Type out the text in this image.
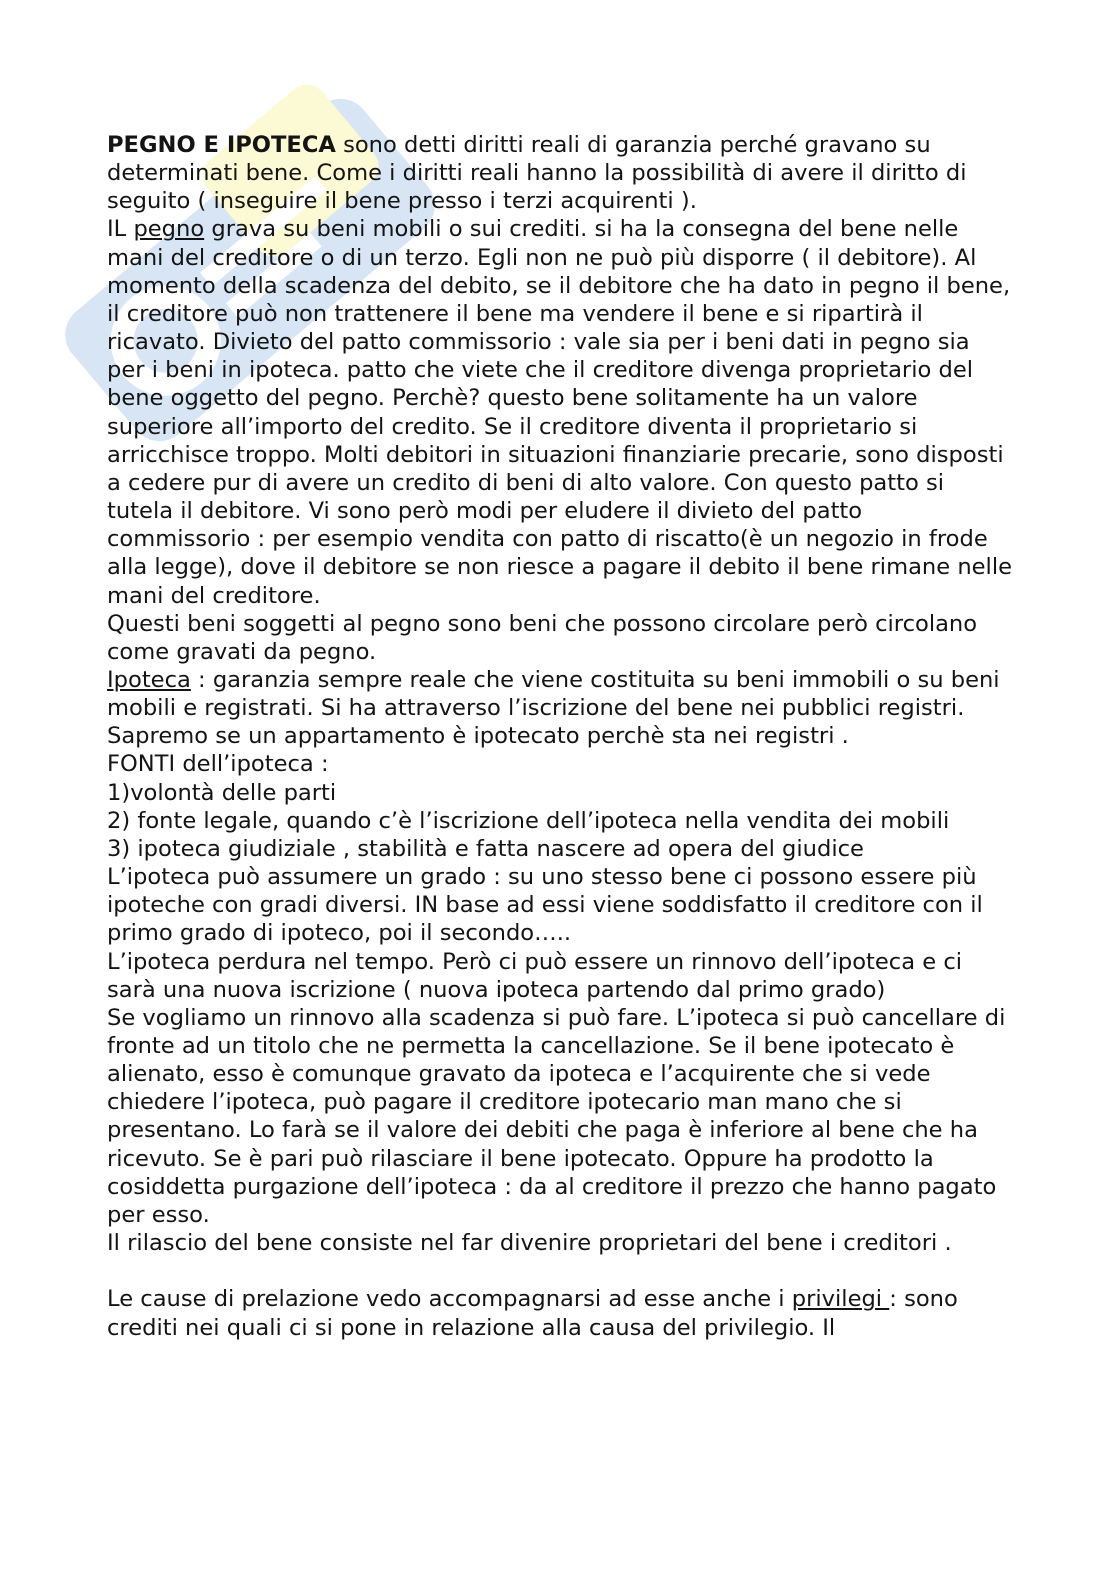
PEGNO E IPOTECA sono detti diritti reali di garanzia perché gravano su determinati bene. Come i diritti reali hanno la possibilità di avere il diritto di seguito ( inseguire il bene presso i terzi acquirenti ).
IL pegno grava su beni mobili o sui crediti. si ha la consegna del bene nelle mani del creditore o di un terzo. Egli non ne può più disporre ( il debitore). Al momento della scadenza del debito, se il debitore che ha dato in pegno il bene, il creditore può non trattenere il bene ma vendere il bene e si ripartirà il ricavato. Divieto del patto commissorio : vale sia per i beni dati in pegno sia per i beni in ipoteca. patto che viete che il creditore divenga proprietario del bene oggetto del pegno. Perchè? questo bene solitamente ha un valore superiore all’importo del credito. Se il creditore diventa il proprietario si arricchisce troppo. Molti debitori in situazioni finanziarie precarie, sono disposti a cedere pur di avere un credito di beni di alto valore. Con questo patto si tutela il debitore. Vi sono però modi per eludere il divieto del patto commissorio : per esempio vendita con patto di riscatto(è un negozio in frode alla legge), dove il debitore se non riesce a pagare il debito il bene rimane nelle mani del creditore.
Questi beni soggetti al pegno sono beni che possono circolare però circolano come gravati da pegno.
Ipoteca : garanzia sempre reale che viene costituita su beni immobili o su beni mobili e registrati. Si ha attraverso l’iscrizione del bene nei pubblici registri. Sapremo se un appartamento è ipotecato perchè sta nei registri .
FONTI dell’ipoteca :
1)volontà delle parti
2) fonte legale, quando c’è l’iscrizione dell’ipoteca nella vendita dei mobili
3) ipoteca giudiziale , stabilità e fatta nascere ad opera del giudice
L’ipoteca può assumere un grado : su uno stesso bene ci possono essere più ipoteche con gradi diversi. IN base ad essi viene soddisfatto il creditore con il primo grado di ipoteco, poi il secondo…..
L’ipoteca perdura nel tempo. Però ci può essere un rinnovo dell’ipoteca e ci sarà una nuova iscrizione ( nuova ipoteca partendo dal primo grado)
Se vogliamo un rinnovo alla scadenza si può fare. L’ipoteca si può cancellare di fronte ad un titolo che ne permetta la cancellazione. Se il bene ipotecato è alienato, esso è comunque gravato da ipoteca e l’acquirente che si vede chiedere l’ipoteca, può pagare il creditore ipotecario man mano che si presentano. Lo farà se il valore dei debiti che paga è inferiore al bene che ha ricevuto. Se è pari può rilasciare il bene ipotecato. Oppure ha prodotto la cosiddetta purgazione dell’ipoteca : da al creditore il prezzo che hanno pagato per esso.
Il rilascio del bene consiste nel far divenire proprietari del bene i creditori .

Le cause di prelazione vedo accompagnarsi ad esse anche i privilegi : sono crediti nei quali ci si pone in relazione alla causa del privilegio. Il
